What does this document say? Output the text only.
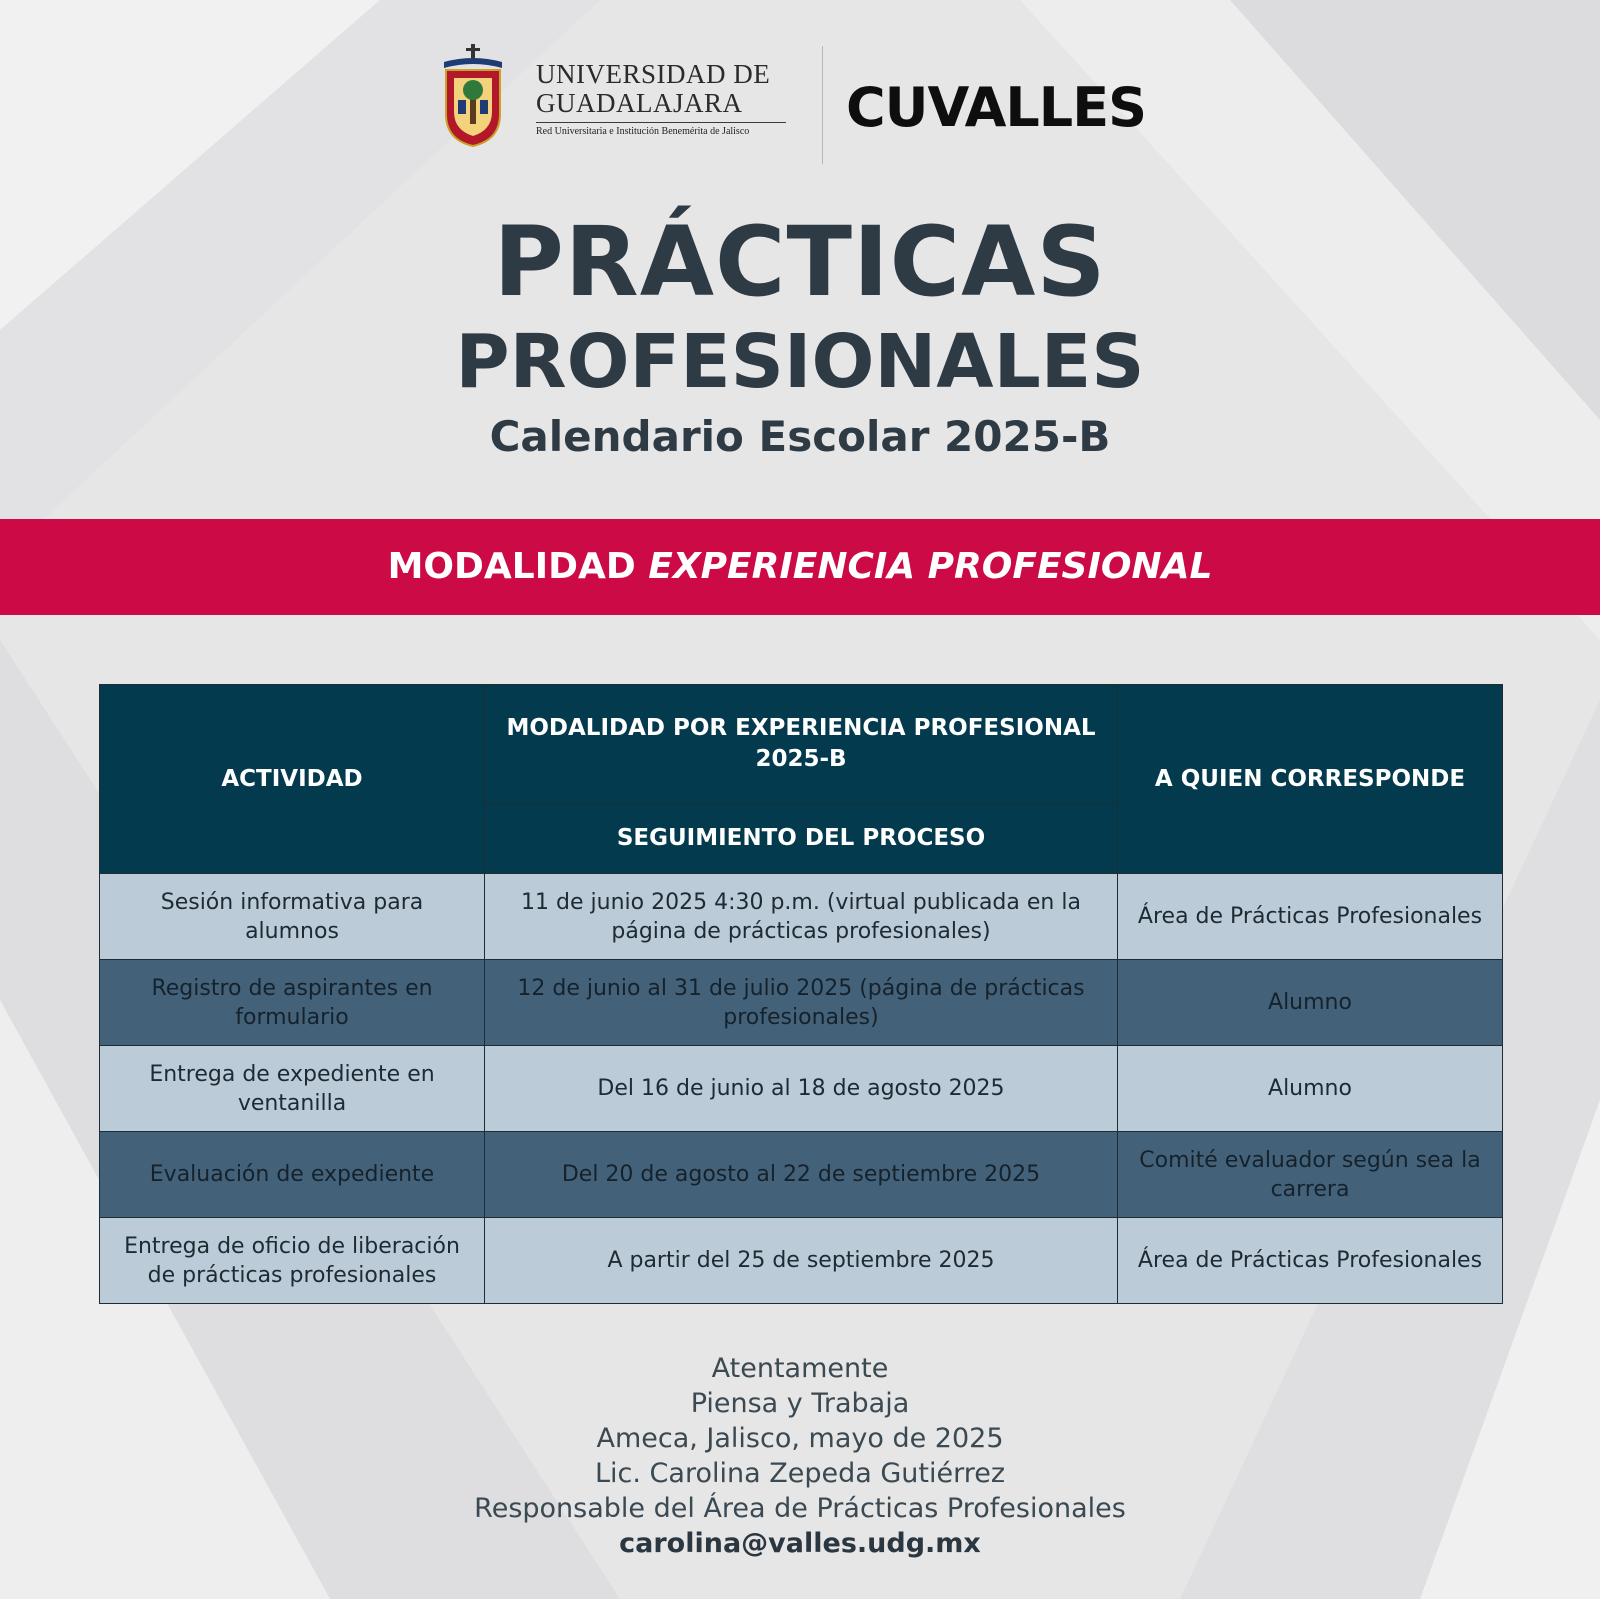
UNIVERSIDAD DE
GUADALAJARA
Red Universitaria e Institución Benemérita de Jalisco	CUVALLES
PRÁCTICAS
PROFESIONALES
Calendario Escolar 2025-B
MODALIDAD EXPERIENCIA PROFESIONAL
ACTIVIDAD	MODALIDAD POR EXPERIENCIA PROFESIONAL 2025-B	A QUIEN CORRESPONDE
	SEGUIMIENTO DEL PROCESO	
Sesión informativa para alumnos	11 de junio 2025 4:30 p.m. (virtual publicada en la página de prácticas profesionales)	Área de Prácticas Profesionales
Registro de aspirantes en formulario	12 de junio al 31 de julio 2025 (página de prácticas profesionales)	Alumno
Entrega de expediente en ventanilla	Del 16 de junio al 18 de agosto 2025	Alumno
Evaluación de expediente	Del 20 de agosto al 22 de septiembre 2025	Comité evaluador según sea la carrera
Entrega de oficio de liberación de prácticas profesionales	A partir del 25 de septiembre 2025	Área de Prácticas Profesionales
Atentamente
Piensa y Trabaja
Ameca, Jalisco, mayo de 2025
Lic. Carolina Zepeda Gutiérrez
Responsable del Área de Prácticas Profesionales
carolina@valles.udg.mx
